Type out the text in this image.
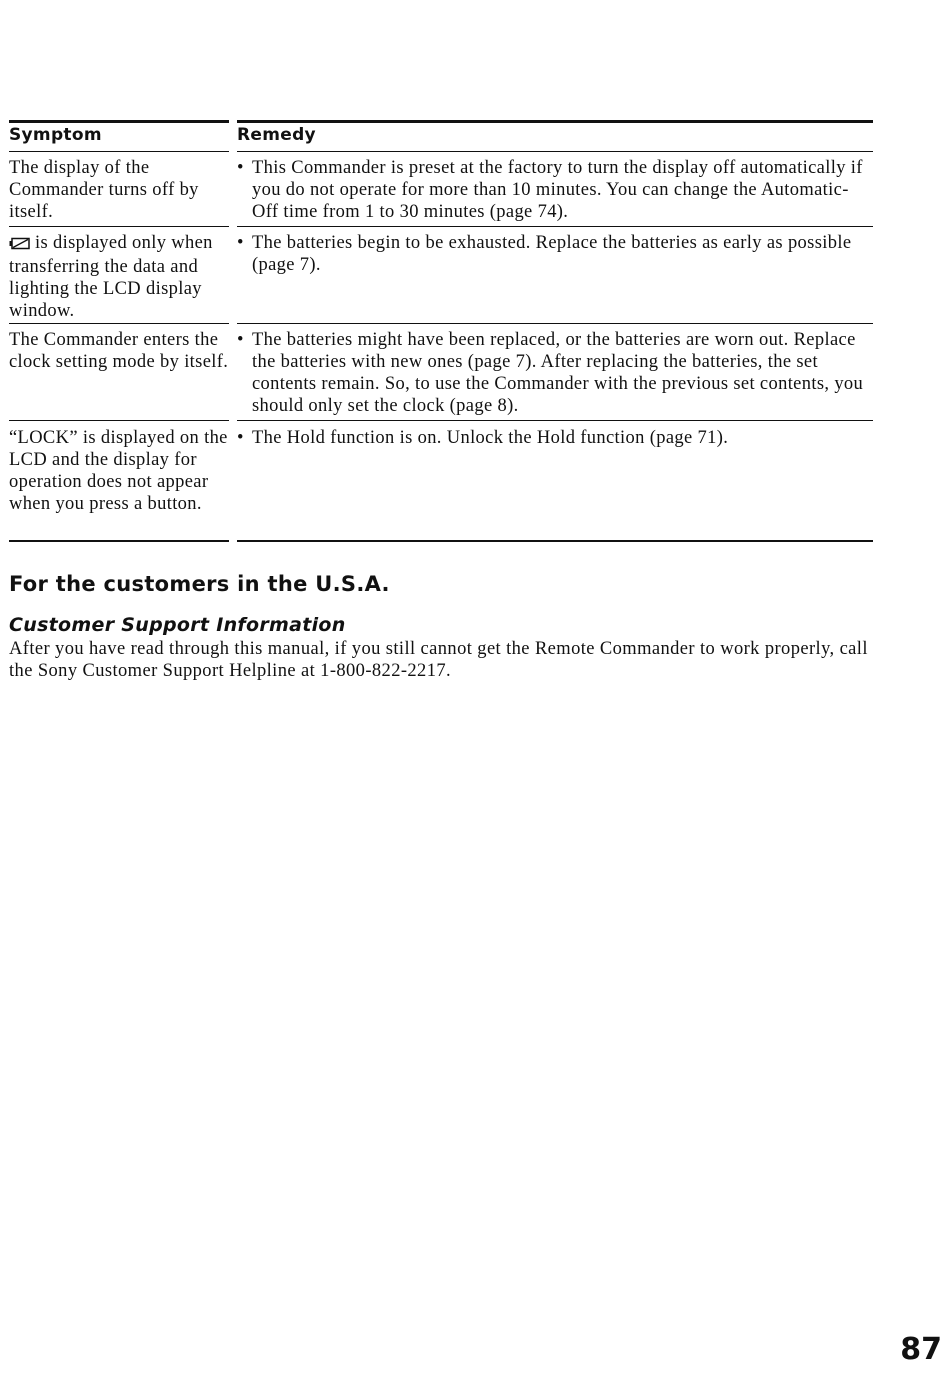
Symptom	Remedy
The display of the Commander turns off by itself.
• This Commander is preset at the factory to turn the display off automatically if you do not operate for more than 10 minutes. You can change the Automatic-Off time from 1 to 30 minutes (page 74).
is displayed only when transferring the data and lighting the LCD display window.
• The batteries begin to be exhausted. Replace the batteries as early as possible (page 7).
The Commander enters the clock setting mode by itself.
• The batteries might have been replaced, or the batteries are worn out. Replace the batteries with new ones (page 7). After replacing the batteries, the set contents remain. So, to use the Commander with the previous set contents, you should only set the clock (page 8).
“LOCK” is displayed on the LCD and the display for operation does not appear when you press a button.
• The Hold function is on. Unlock the Hold function (page 71).
For the customers in the U.S.A.
Customer Support Information
After you have read through this manual, if you still cannot get the Remote Commander to work properly, call the Sony Customer Support Helpline at 1-800-822-2217.
87
